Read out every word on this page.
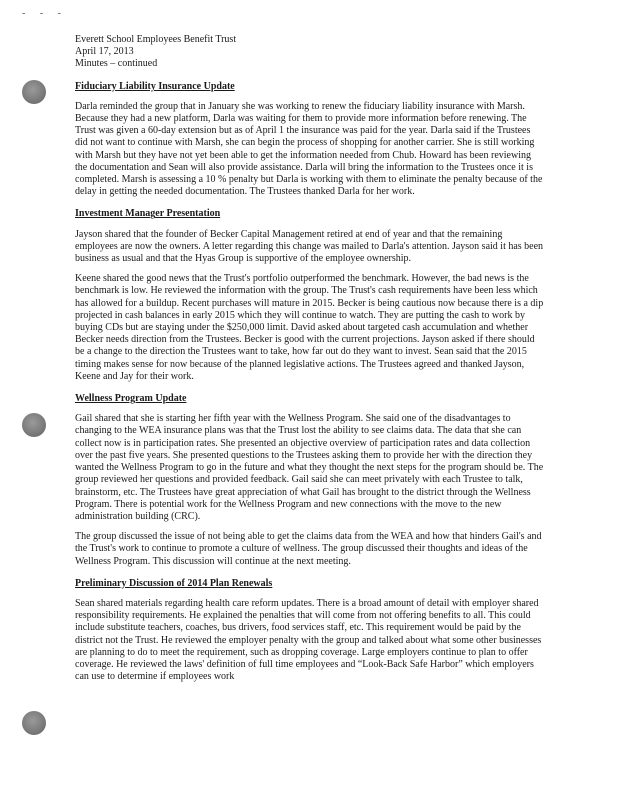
‑ ‑ ‑

Everett School Employees Benefit Trust

April 17, 2013

Minutes – continued

Fiduciary Liability Insurance Update

Darla reminded the group that in January she was working to renew the fiduciary liability insurance with Marsh. Because they had a new platform, Darla was waiting for them to provide more information before renewing. The Trust was given a 60-day extension but as of April 1 the insurance was paid for the year. Darla said if the Trustees did not want to continue with Marsh, she can begin the process of shopping for another carrier. She is still working with Marsh but they have not yet been able to get the information needed from Chub. Howard has been reviewing the documentation and Sean will also provide assistance. Darla will bring the information to the Trustees once it is completed. Marsh is assessing a 10 % penalty but Darla is working with them to eliminate the penalty because of the delay in getting the needed documentation. The Trustees thanked Darla for her work.

Investment Manager Presentation

Jayson shared that the founder of Becker Capital Management retired at end of year and that the remaining employees are now the owners. A letter regarding this change was mailed to Darla's attention. Jayson said it has been business as usual and that the Hyas Group is supportive of the employee ownership.

Keene shared the good news that the Trust's portfolio outperformed the benchmark. However, the bad news is the benchmark is low. He reviewed the information with the group. The Trust's cash requirements have been less which has allowed for a buildup. Recent purchases will mature in 2015. Becker is being cautious now because there is a dip projected in cash balances in early 2015 which they will continue to watch. They are putting the cash to work by buying CDs but are staying under the $250,000 limit. David asked about targeted cash accumulation and whether Becker needs direction from the Trustees. Becker is good with the current projections. Jayson asked if there should be a change to the direction the Trustees want to take, how far out do they want to invest. Sean said that the 2015 timing makes sense for now because of the planned legislative actions. The Trustees agreed and thanked Jayson, Keene and Jay for their work.

Wellness Program Update

Gail shared that she is starting her fifth year with the Wellness Program. She said one of the disadvantages to changing to the WEA insurance plans was that the Trust lost the ability to see claims data. The data that she can collect now is in participation rates. She presented an objective overview of participation rates and data collection over the past five years. She presented questions to the Trustees asking them to provide her with the direction they wanted the Wellness Program to go in the future and what they thought the next steps for the program should be. The group reviewed her questions and provided feedback. Gail said she can meet privately with each Trustee to talk, brainstorm, etc. The Trustees have great appreciation of what Gail has brought to the district through the Wellness Program. There is potential work for the Wellness Program and new connections with the move to the new administration building (CRC).

The group discussed the issue of not being able to get the claims data from the WEA and how that hinders Gail's and the Trust's work to continue to promote a culture of wellness. The group discussed their thoughts and ideas of the Wellness Program. This discussion will continue at the next meeting.

Preliminary Discussion of 2014 Plan Renewals

Sean shared materials regarding health care reform updates. There is a broad amount of detail with employer shared responsibility requirements. He explained the penalties that will come from not offering benefits to all. This could include substitute teachers, coaches, bus drivers, food services staff, etc. This requirement would be paid by the district not the Trust. He reviewed the employer penalty with the group and talked about what some other businesses are planning to do to meet the requirement, such as dropping coverage. Large employers continue to plan to offer coverage. He reviewed the laws' definition of full time employees and “Look-Back Safe Harbor” which employers can use to determine if employees work
